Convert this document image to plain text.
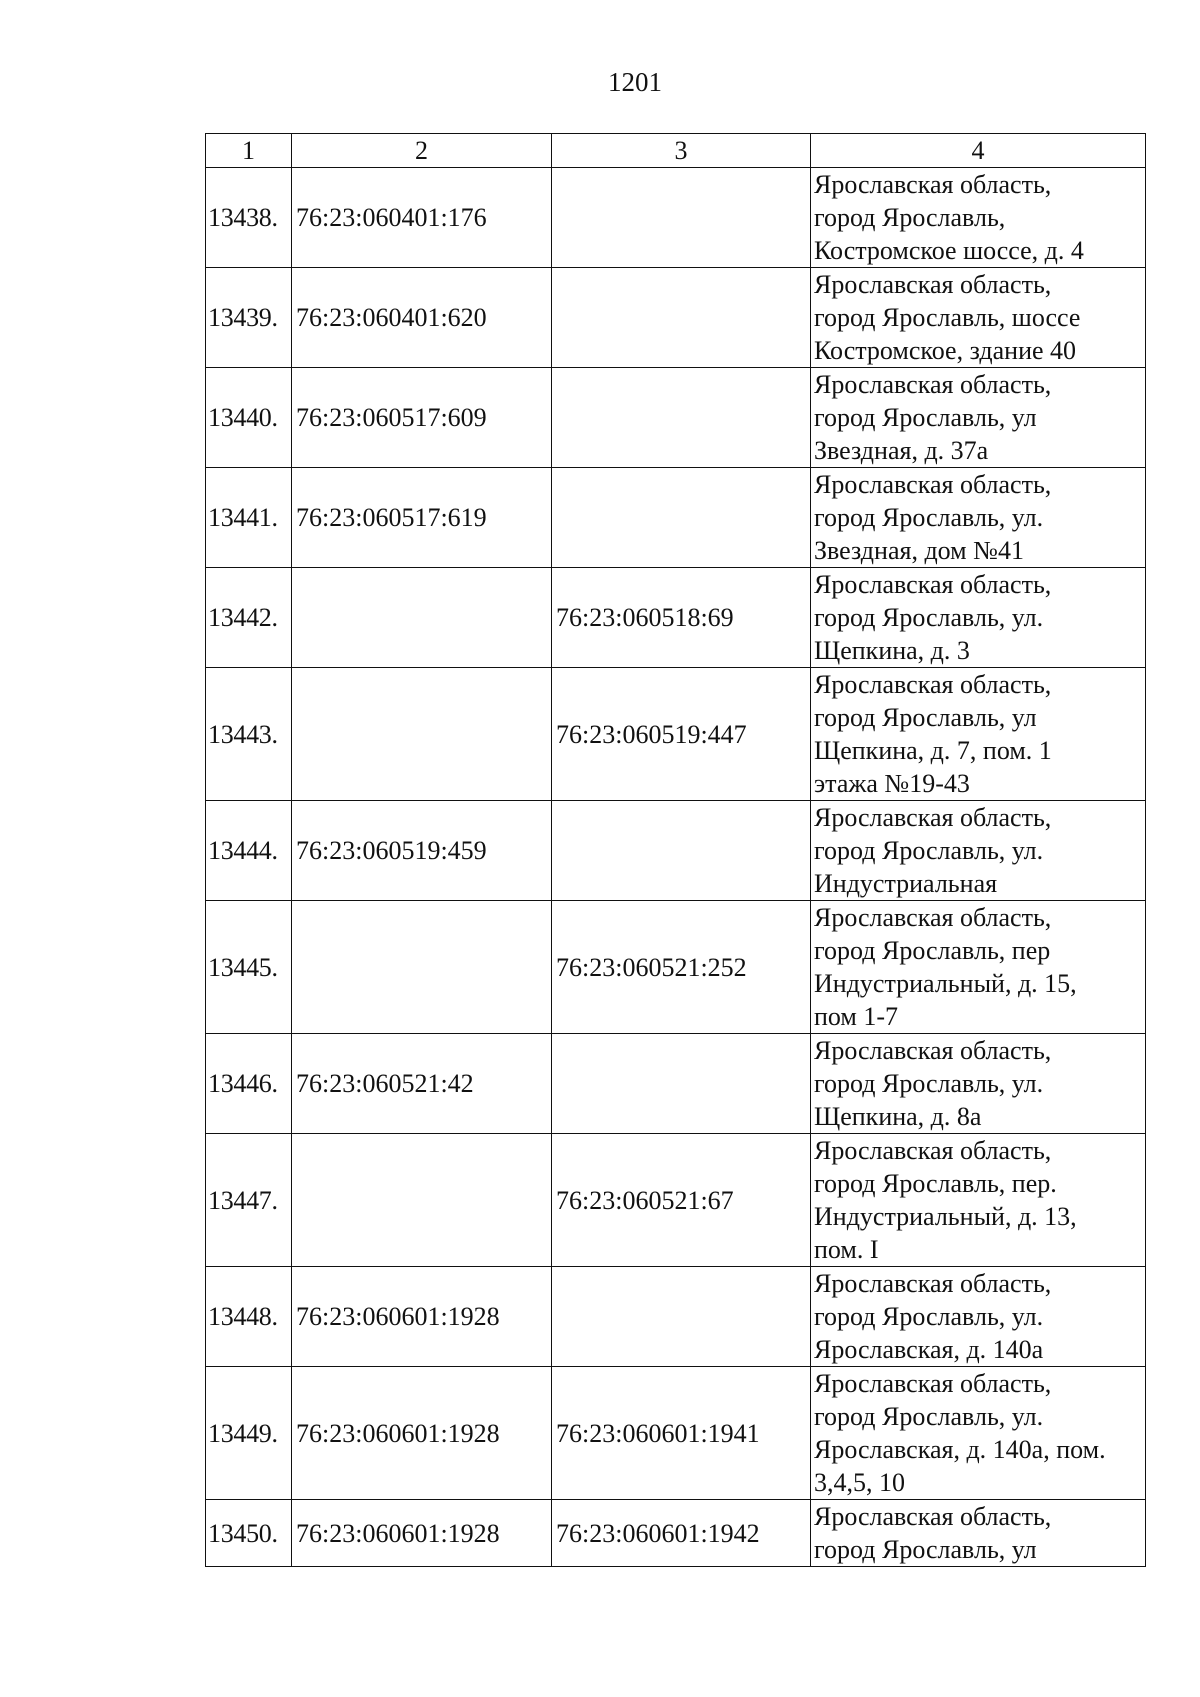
1201
1	2	3	4
13438.	76:23:060401:176		Ярославская область,
город Ярославль,
Костромское шоссе, д. 4
13439.	76:23:060401:620		Ярославская область,
город Ярославль, шоссе
Костромское, здание 40
13440.	76:23:060517:609		Ярославская область,
город Ярославль, ул
Звездная, д. 37а
13441.	76:23:060517:619		Ярославская область,
город Ярославль, ул.
Звездная, дом №41
13442.		76:23:060518:69	Ярославская область,
город Ярославль, ул.
Щепкина, д. 3
13443.		76:23:060519:447	Ярославская область,
город Ярославль, ул
Щепкина, д. 7, пом. 1
этажа №19-43
13444.	76:23:060519:459		Ярославская область,
город Ярославль, ул.
Индустриальная
13445.		76:23:060521:252	Ярославская область,
город Ярославль, пер
Индустриальный, д. 15,
пом 1-7
13446.	76:23:060521:42		Ярославская область,
город Ярославль, ул.
Щепкина, д. 8а
13447.		76:23:060521:67	Ярославская область,
город Ярославль, пер.
Индустриальный, д. 13,
пом. I
13448.	76:23:060601:1928		Ярославская область,
город Ярославль, ул.
Ярославская, д. 140а
13449.	76:23:060601:1928	76:23:060601:1941	Ярославская область,
город Ярославль, ул.
Ярославская, д. 140а, пом.
3,4,5, 10
13450.	76:23:060601:1928	76:23:060601:1942	Ярославская область,
город Ярославль, ул
